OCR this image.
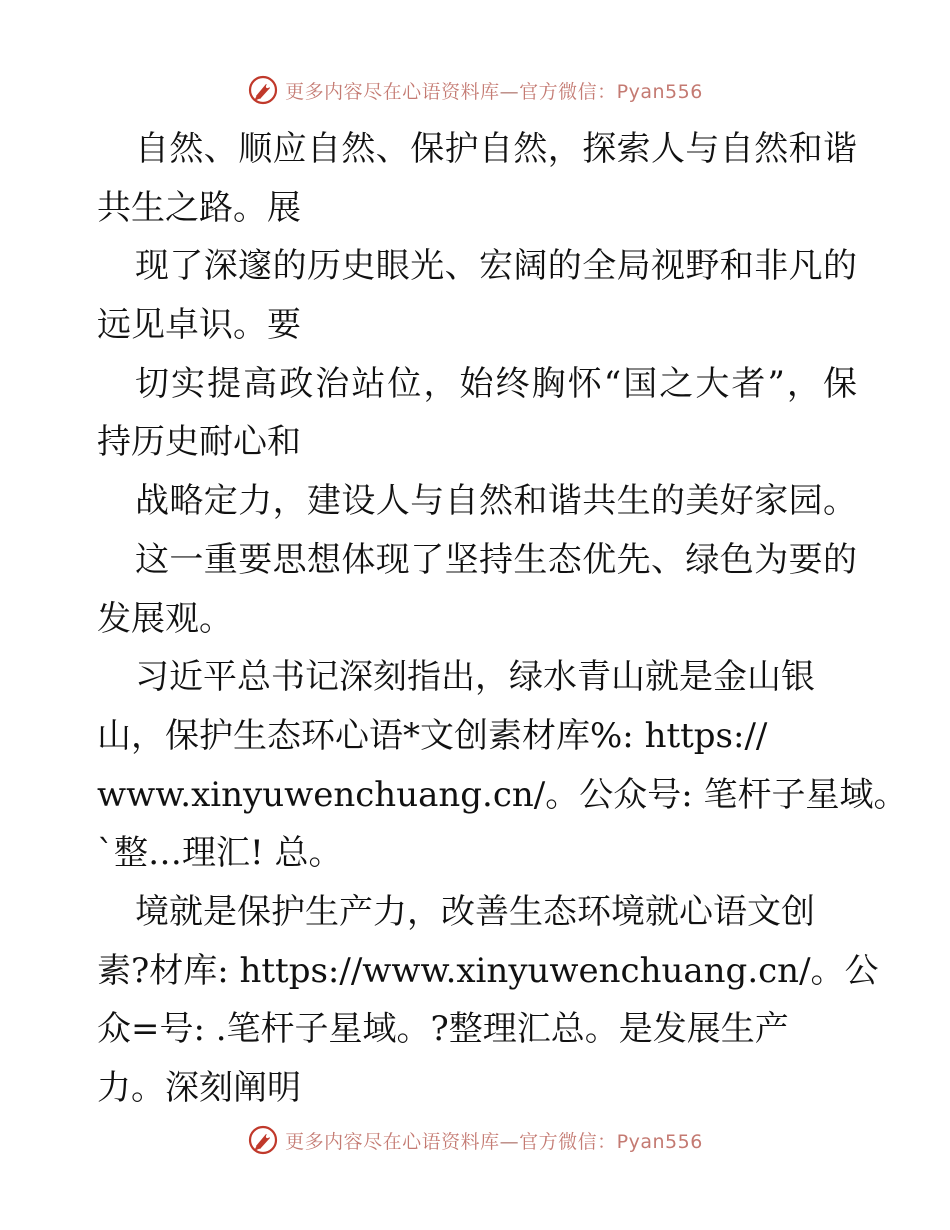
更多内容尽在心语资料库—官方微信：Pyan556
自然、顺应自然、保护自然，探索人与自然和谐
共生之路。展
现了深邃的历史眼光、宏阔的全局视野和非凡的
远见卓识。要
切实提高政治站位，始终胸怀“国之大者”，保
持历史耐心和
战略定力，建设人与自然和谐共生的美好家园。
这一重要思想体现了坚持生态优先、绿色为要的
发展观。
习近平总书记深刻指出，绿水青山就是金山银
山，保护生态环心语*文创素材库%: https://
www.xinyuwenchuang.cn/。公众号: 笔杆子星域。
`整…理汇! 总。
境就是保护生产力，改善生态环境就心语文创
素?材库: https://www.xinyuwenchuang.cn/。公
众=号: .笔杆子星域。?整理汇总。是发展生产
力。深刻阐明
更多内容尽在心语资料库—官方微信：Pyan556
